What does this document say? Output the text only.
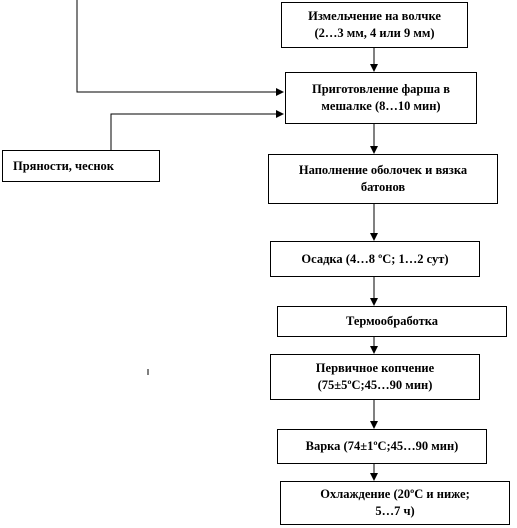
Измельчение на волчке
(2…3 мм, 4 или 9 мм)
Приготовление фарша в
мешалке (8…10 мин)
Пряности, чеснок	Наполнение оболочек и вязка
батонов
Осадка (4…8 ºС; 1…2 сут)
Термообработка
Первичное копчение
(75±5ºС;45…90 мин)
Варка (74±1ºС;45…90 мин)
Охлаждение (20ºС и ниже;
5…7 ч)
